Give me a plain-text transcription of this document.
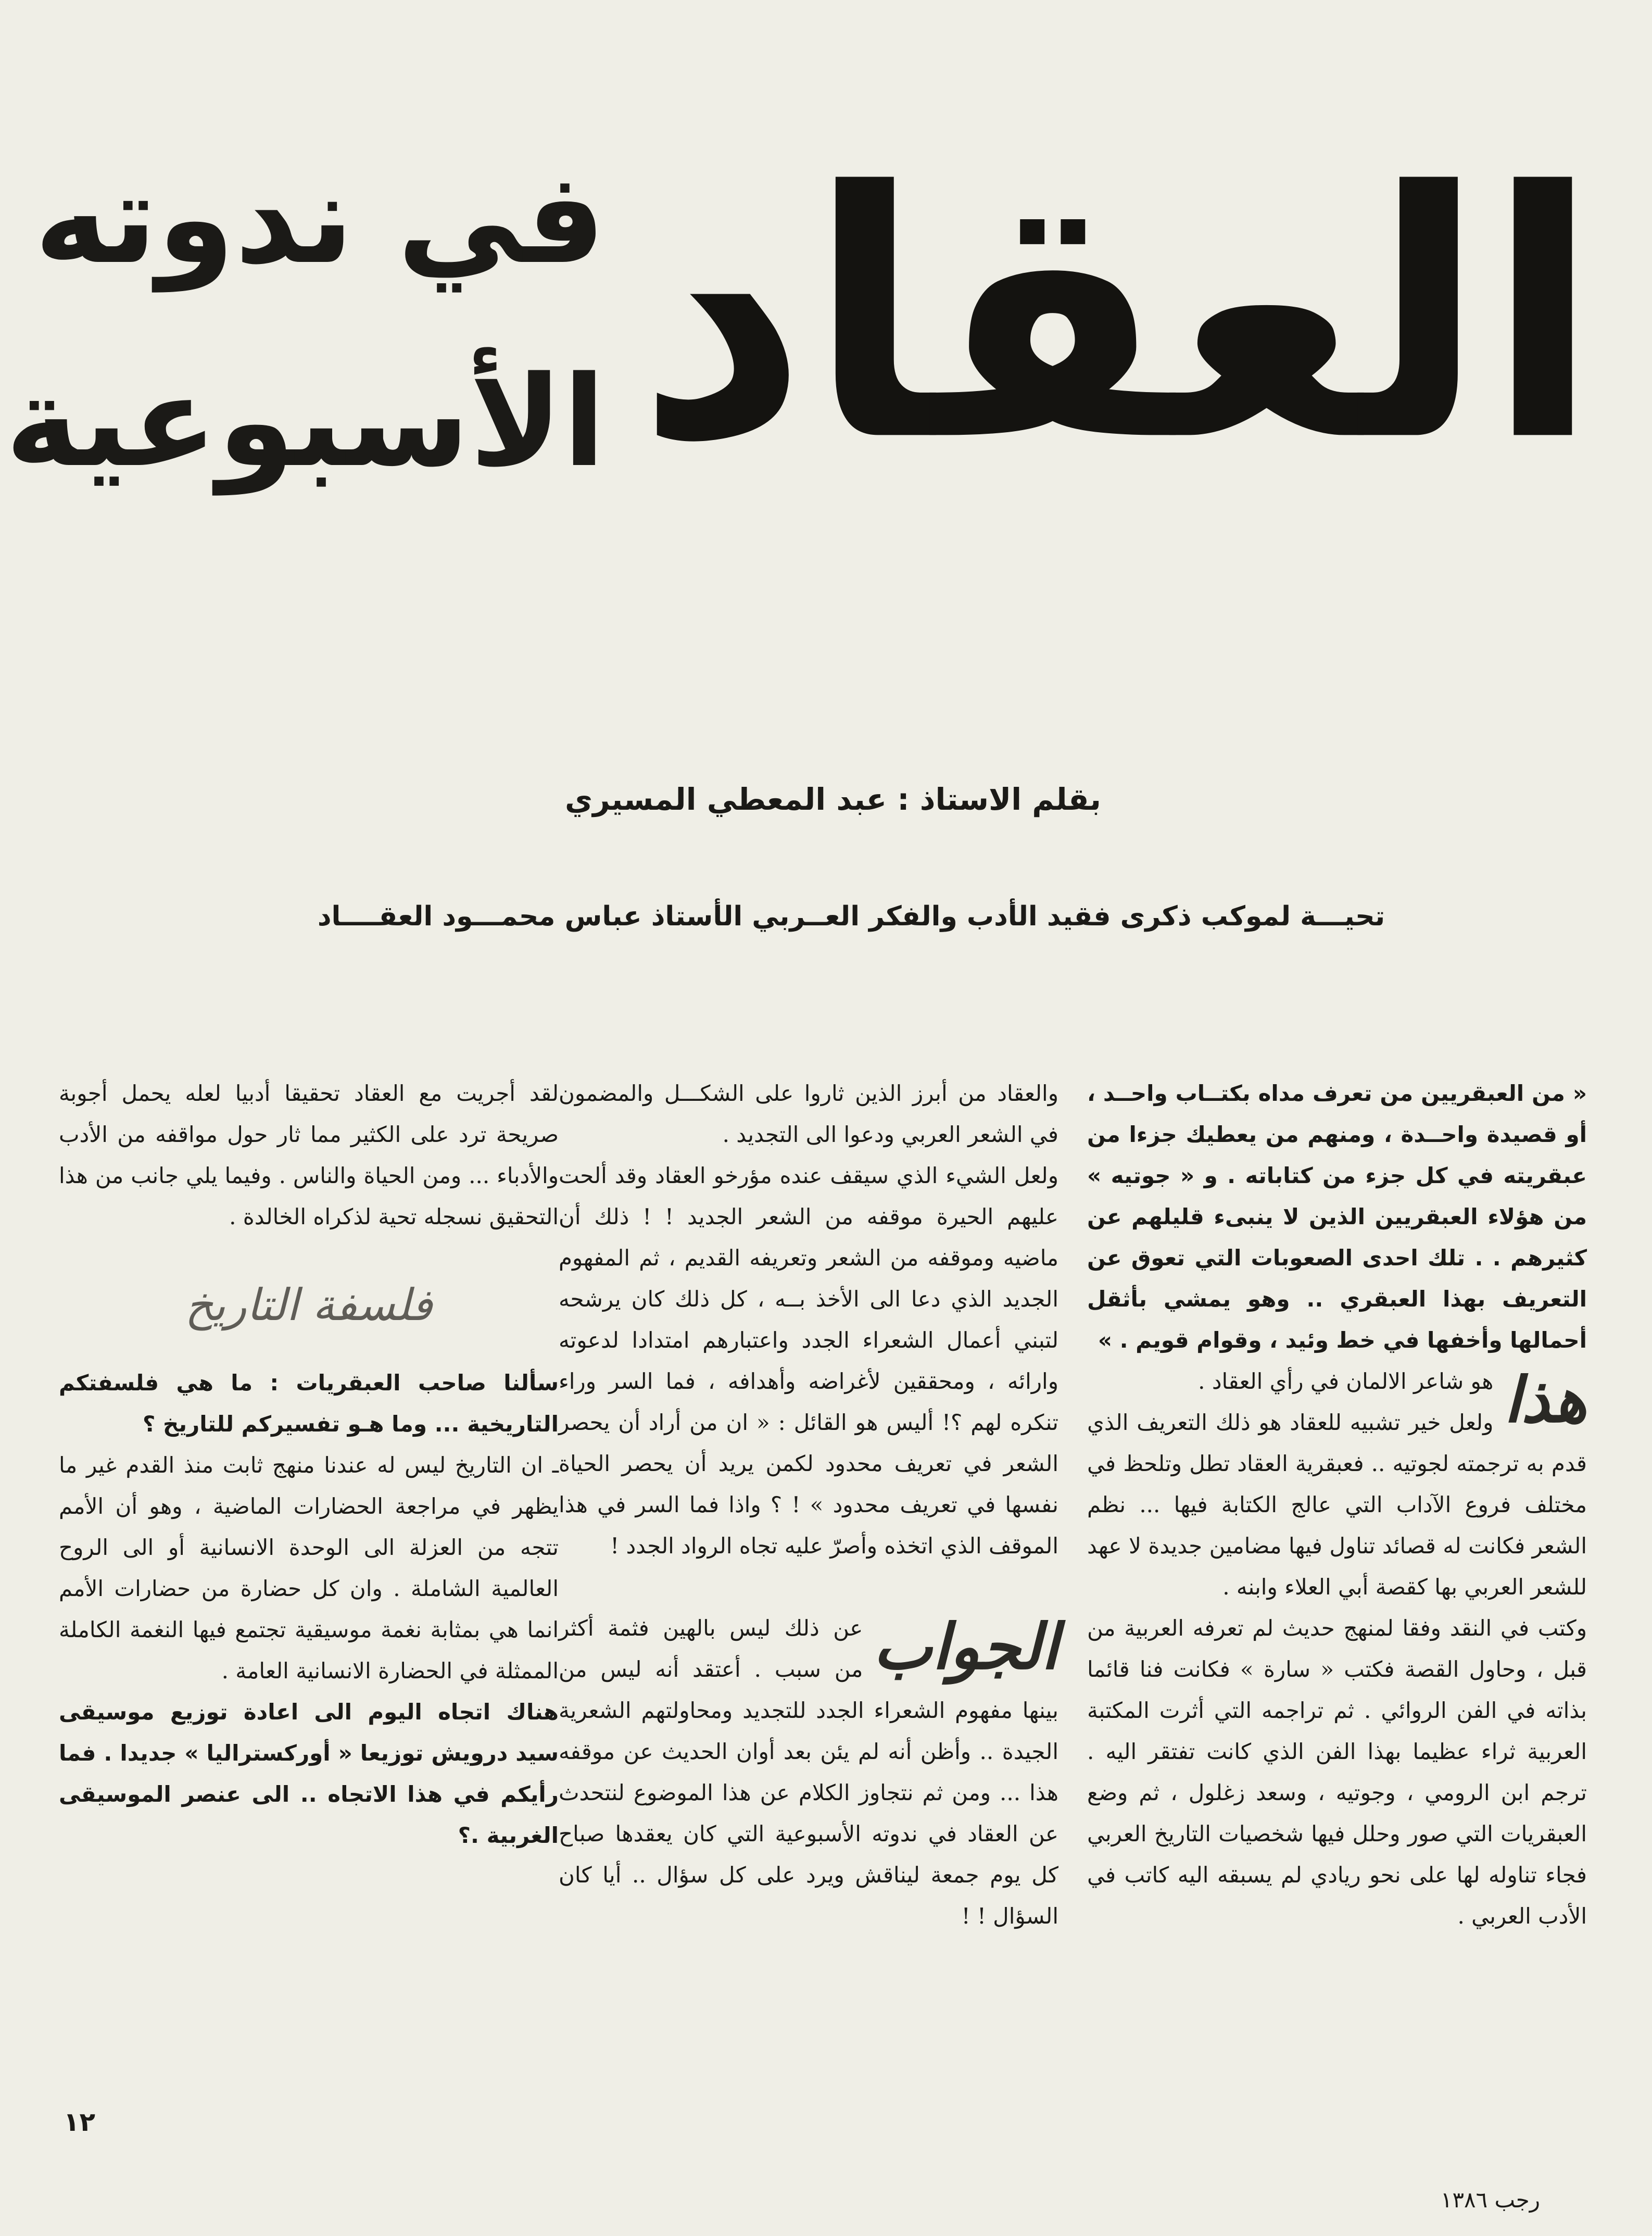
العقاد
في ندوته
الأسبوعية
بقلم الاستاذ : عبد المعطي المسيري
تحيـــة لموكب ذكرى فقيد الأدب والفكر العــربي الأستاذ عباس محمـــود العقــــاد

« من العبقريين من تعرف مداه بكتــاب واحــد ، أو قصيدة واحــدة ، ومنهم من يعطيك جزءا من عبقريته في كل جزء من كتاباته . و « جوتيه » من هؤلاء العبقريين الذين لا ينبىء قليلهم عن كثيرهم . . تلك احدى الصعوبات التي تعوق عن التعريف بهذا العبقري .. وهو يمشي بأثقل أحمالها وأخفها في خط وئيد ، وقوام قويم . »

هذا
هو شاعر الالمان في رأي العقاد .

ولعل خير تشبيه للعقاد هو ذلك التعريف الذي قدم به ترجمته لجوتيه .. فعبقرية العقاد تطل وتلحظ في مختلف فروع الآداب التي عالج الكتابة فيها ... نظم الشعر فكانت له قصائد تناول فيها مضامين جديدة لا عهد للشعر العربي بها كقصة أبي العلاء وابنه .

وكتب في النقد وفقا لمنهج حديث لم تعرفه العربية من قبل ، وحاول القصة فكتب « سارة » فكانت فنا قائما بذاته في الفن الروائي . ثم تراجمه التي أثرت المكتبة العربية ثراء عظيما بهذا الفن الذي كانت تفتقر اليه . ترجم ابن الرومي ، وجوتيه ، وسعد زغلول ، ثم وضع العبقريات التي صور وحلل فيها شخصيات التاريخ العربي فجاء تناوله لها على نحو ريادي لم يسبقه اليه كاتب في الأدب العربي .

والعقاد من أبرز الذين ثاروا على الشكـــل والمضمون في الشعر العربي ودعوا الى التجديد .

ولعل الشيء الذي سيقف عنده مؤرخو العقاد وقد ألحت عليهم الحيرة موقفه من الشعر الجديد ! ! ذلك أن ماضيه وموقفه من الشعر وتعريفه القديم ، ثم المفهوم الجديد الذي دعا الى الأخذ بــه ، كل ذلك كان يرشحه لتبني أعمال الشعراء الجدد واعتبارهم امتدادا لدعوته وارائه ، ومحققين لأغراضه وأهدافه ، فما السر وراء تنكره لهم ؟! أليس هو القائل : « ان من أراد أن يحصر الشعر في تعريف محدود لكمن يريد أن يحصر الحياة نفسها في تعريف محدود » ! ؟ واذا فما السر في هذا الموقف الذي اتخذه وأصرّ عليه تجاه الرواد الجدد !

الجواب
عن ذلك ليس بالهين فثمة أكثر من سبب . أعتقد أنه ليس من بينها مفهوم الشعراء الجدد للتجديد ومحاولتهم الشعرية الجيدة .. وأظن أنه لم يئن بعد أوان الحديث عن موقفه هذا ... ومن ثم نتجاوز الكلام عن هذا الموضوع لنتحدث عن العقاد في ندوته الأسبوعية التي كان يعقدها صباح كل يوم جمعة ليناقش ويرد على كل سؤال .. أيا كان السؤال ! !

لقد أجريت مع العقاد تحقيقا أدبيا لعله يحمل أجوبة صريحة ترد على الكثير مما ثار حول مواقفه من الأدب والأدباء ... ومن الحياة والناس . وفيما يلي جانب من هذا التحقيق نسجله تحية لذكراه الخالدة .

فلسفة التاريخ

سألنا صاحب العبقريات : ما هي فلسفتكم التاريخية ... وما هـو تفسيركم للتاريخ ؟

ـ ان التاريخ ليس له عندنا منهج ثابت منذ القدم غير ما يظهر في مراجعة الحضارات الماضية ، وهو أن الأمم تتجه من العزلة الى الوحدة الانسانية أو الى الروح العالمية الشاملة . وان كل حضارة من حضارات الأمم انما هي بمثابة نغمة موسيقية تجتمع فيها النغمة الكاملة الممثلة في الحضارة الانسانية العامة .

هناك اتجاه اليوم الى اعادة توزيع موسيقى سيد درويش توزيعا « أوركستراليا » جديدا . فما رأيكم في هذا الاتجاه .. الى عنصر الموسيقى الغربية .؟

١٢
رجب ١٣٨٦
